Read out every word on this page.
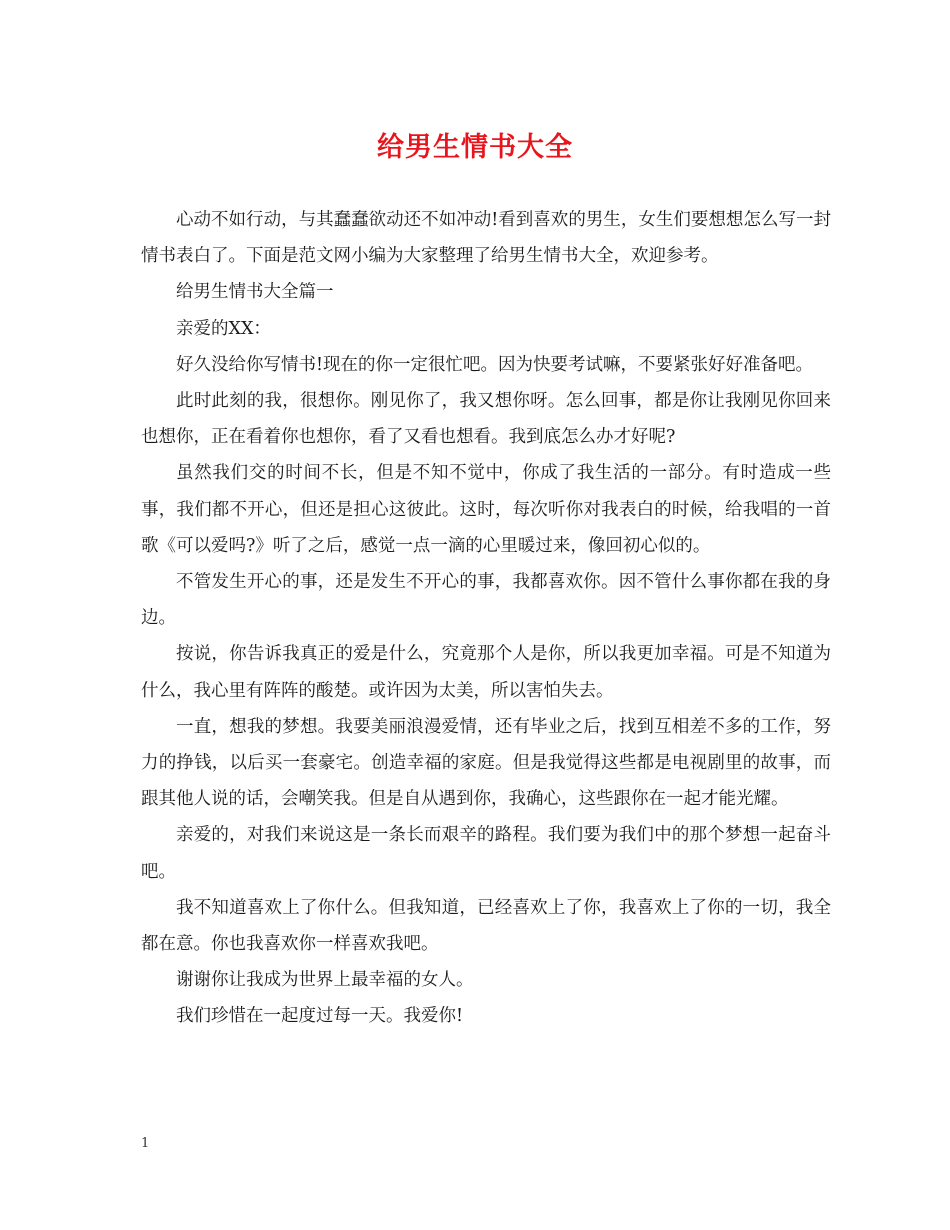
给男生情书大全

心动不如行动，与其蠢蠢欲动还不如冲动!看到喜欢的男生，女生们要想想怎么写一封情书表白了。下面是范文网小编为大家整理了给男生情书大全，欢迎参考。

给男生情书大全篇一

亲爱的XX：

好久没给你写情书!现在的你一定很忙吧。因为快要考试嘛，不要紧张好好准备吧。

此时此刻的我，很想你。刚见你了，我又想你呀。怎么回事，都是你让我刚见你回来也想你，正在看着你也想你，看了又看也想看。我到底怎么办才好呢?

虽然我们交的时间不长，但是不知不觉中，你成了我生活的一部分。有时造成一些事，我们都不开心，但还是担心这彼此。这时，每次听你对我表白的时候，给我唱的一首歌《可以爱吗?》听了之后，感觉一点一滴的心里暖过来，像回初心似的。

不管发生开心的事，还是发生不开心的事，我都喜欢你。因不管什么事你都在我的身边。

按说，你告诉我真正的爱是什么，究竟那个人是你，所以我更加幸福。可是不知道为什么，我心里有阵阵的酸楚。或许因为太美，所以害怕失去。

一直，想我的梦想。我要美丽浪漫爱情，还有毕业之后，找到互相差不多的工作，努力的挣钱，以后买一套豪宅。创造幸福的家庭。但是我觉得这些都是电视剧里的故事，而跟其他人说的话，会嘲笑我。但是自从遇到你，我确心，这些跟你在一起才能光耀。

亲爱的，对我们来说这是一条长而艰辛的路程。我们要为我们中的那个梦想一起奋斗吧。

我不知道喜欢上了你什么。但我知道，已经喜欢上了你，我喜欢上了你的一切，我全都在意。你也我喜欢你一样喜欢我吧。

谢谢你让我成为世界上最幸福的女人。

我们珍惜在一起度过每一天。我爱你!

1
